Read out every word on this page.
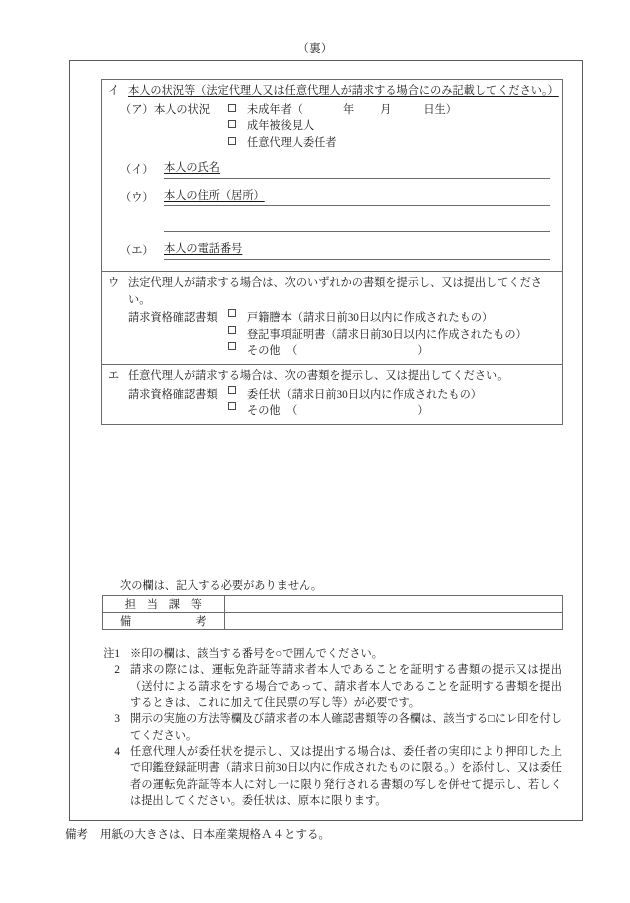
（裏）
イ 本人の状況等（法定代理人又は任意代理人が請求する場合にのみ記載してください。）
（ア） 本人の状況	未成年者（	年 月	日生）
成年被後見人
任意代理人委任者
（イ） 本人の氏名
（ウ） 本人の住所（居所）
（エ） 本人の電話番号
ウ 法定代理人が請求する場合は、次のいずれかの書類を提示し、又は提出してください。
請求資格確認書類	戸籍謄本（請求日前30日以内に作成されたもの）
登記事項証明書（請求日前30日以内に作成されたもの）
その他　（	）
エ 任意代理人が請求する場合は、次の書類を提示し、又は提出してください。
請求資格確認書類	委任状（請求日前30日以内に作成されたもの）
その他　（	）
次の欄は、記入する必要がありません。
担 当 課 等	
備　　考	
注1 ※印の欄は、該当する番号を○で囲んでください。
2 請求の際には、運転免許証等請求者本人であることを証明する書類の提示又は提出（送付による請求をする場合であって、請求者本人であることを証明する書類を提出するときは、これに加えて住民票の写し等）が必要です。
3 開示の実施の方法等欄及び請求者の本人確認書類等の各欄は、該当する□にレ印を付してください。
4 任意代理人が委任状を提示し、又は提出する場合は、委任者の実印により押印した上で印鑑登録証明書（請求日前30日以内に作成されたものに限る。）を添付し、又は委任者の運転免許証等本人に対し一に限り発行される書類の写しを併せて提示し、若しくは提出してください。委任状は、原本に限ります。
備考 用紙の大きさは、日本産業規格Ａ４とする。
